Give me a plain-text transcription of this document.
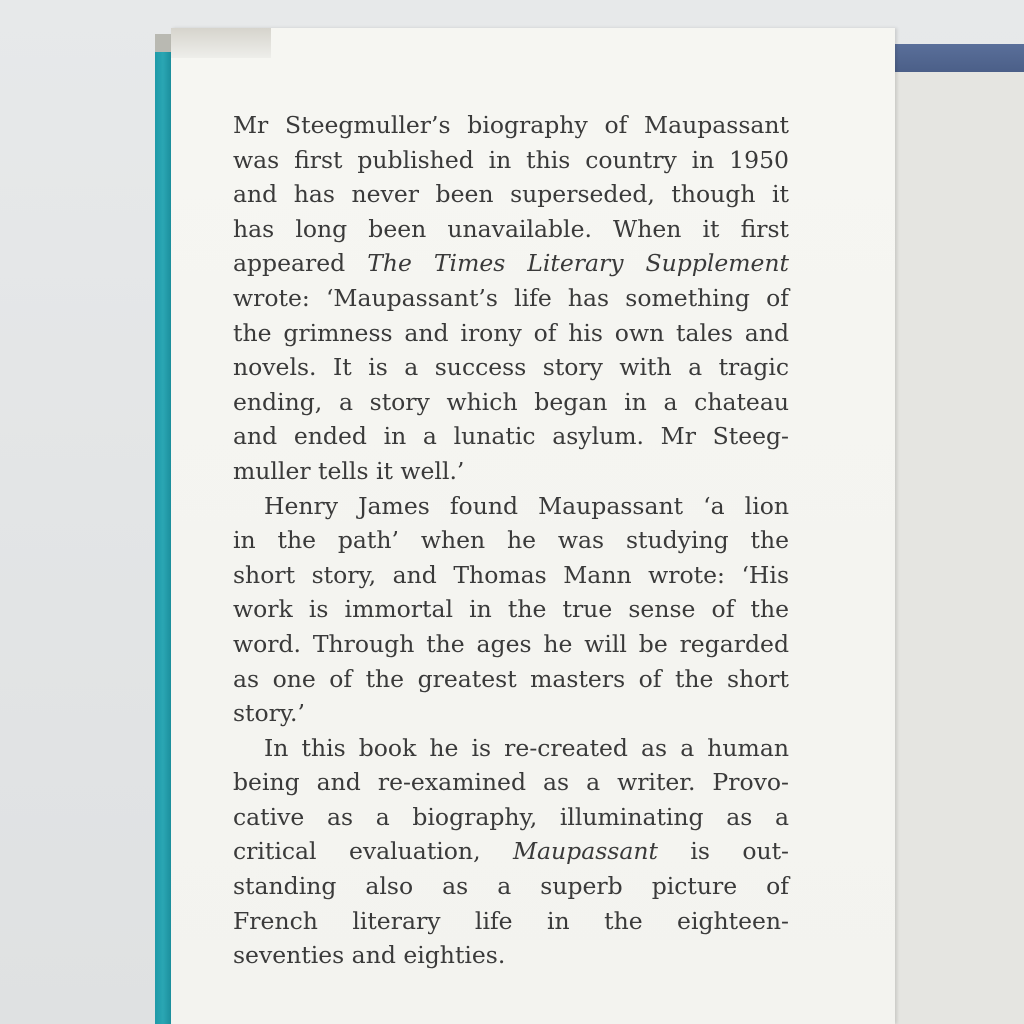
Mr Steegmuller’s biography of Maupassant

was first published in this country in 1950

and has never been superseded, though it

has long been unavailable. When it first

appeared The Times Literary Supplement

wrote: ‘Maupassant’s life has something of

the grimness and irony of his own tales and

novels. It is a success story with a tragic

ending, a story which began in a chateau

and ended in a lunatic asylum. Mr Steeg-

muller tells it well.’

Henry James found Maupassant ‘a lion

in the path’ when he was studying the

short story, and Thomas Mann wrote: ‘His

work is immortal in the true sense of the

word. Through the ages he will be regarded

as one of the greatest masters of the short

story.’

In this book he is re-created as a human

being and re-examined as a writer. Provo-

cative as a biography, illuminating as a

critical evaluation, Maupassant is out-

standing also as a superb picture of

French literary life in the eighteen-

seventies and eighties.
